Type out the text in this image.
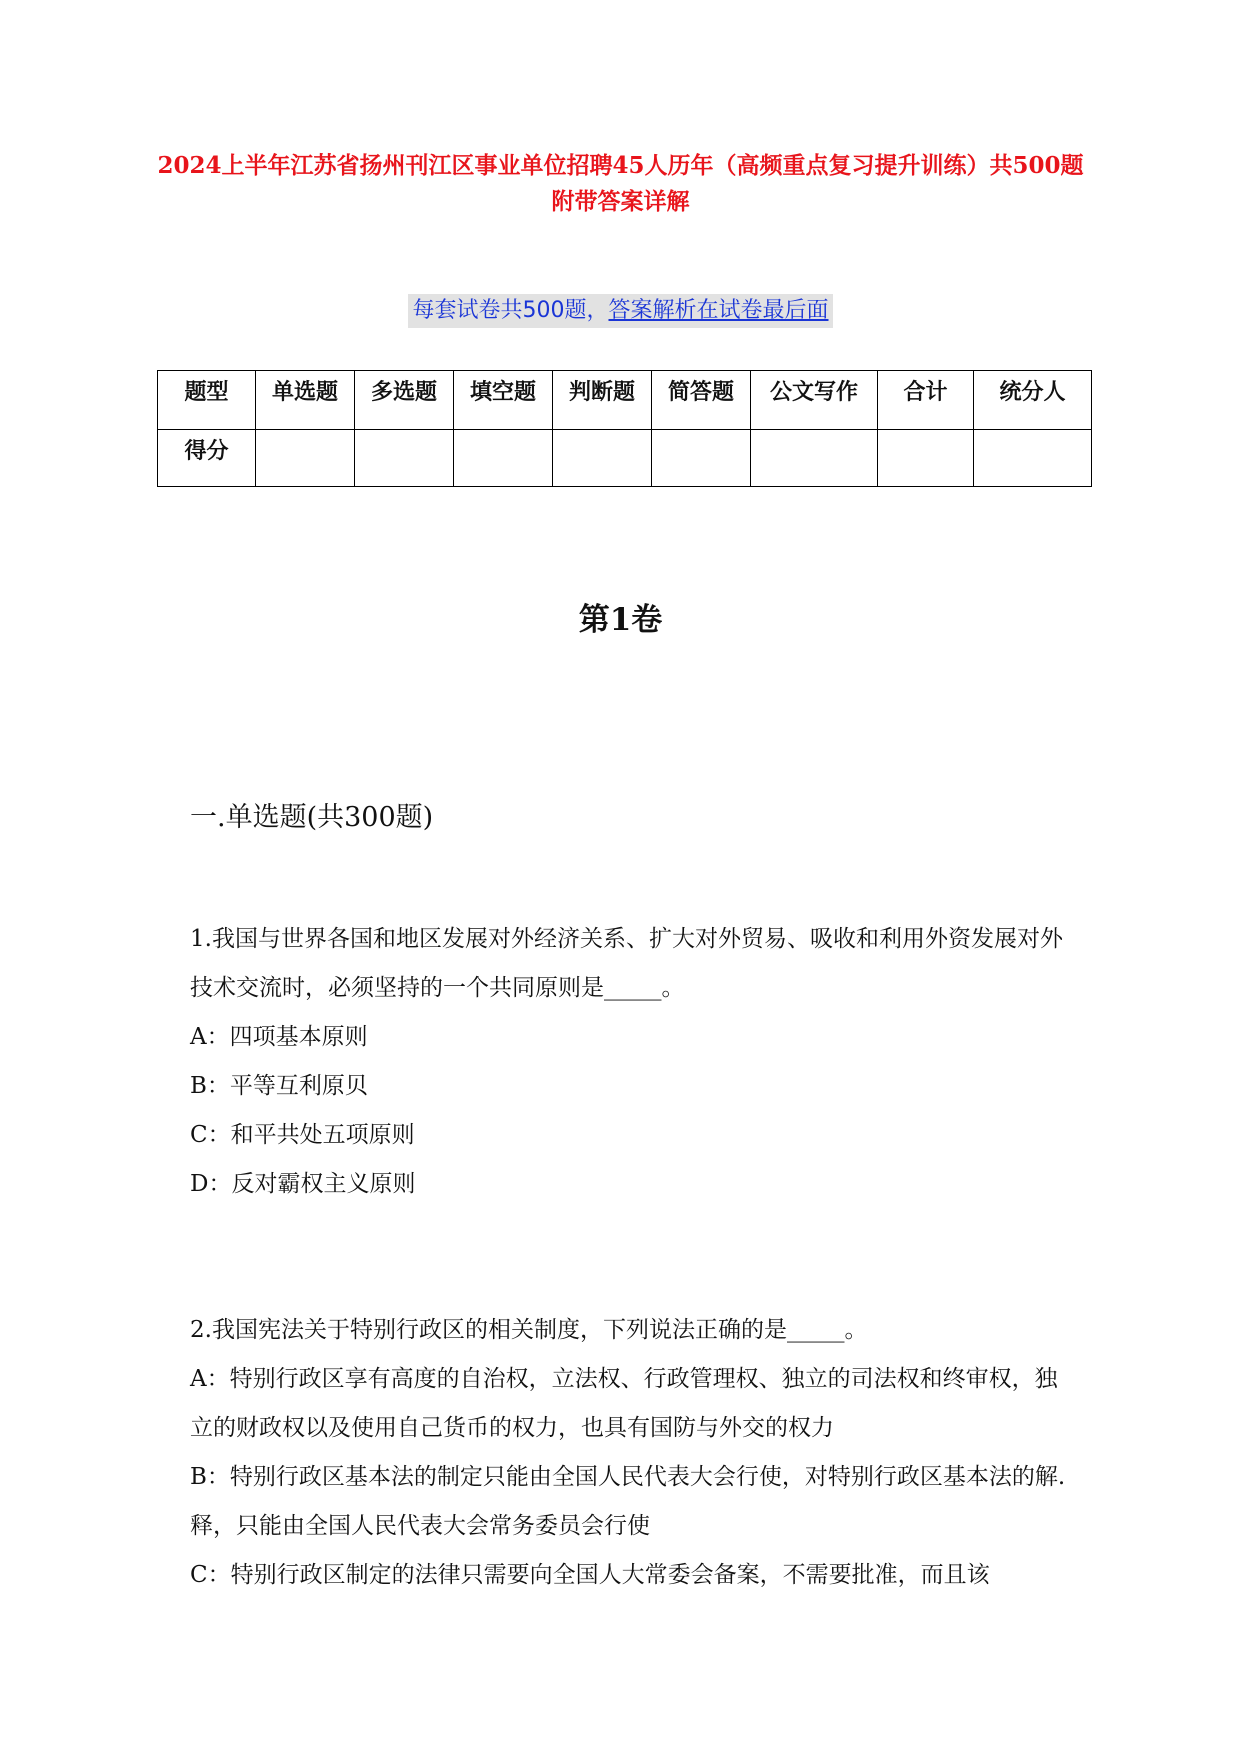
2024上半年江苏省扬州刊江区事业单位招聘45人历年（高频重点复习提升训练）共500题附带答案详解
每套试卷共500题，答案解析在试卷最后面
题型	单选题	多选题	填空题	判断题	简答题	公文写作	合计	统分人
得分								
第1卷
一.单选题(共300题)
1.我国与世界各国和地区发展对外经济关系、扩大对外贸易、吸收和利用外资发展对外技术交流时，必须坚持的一个共同原则是_____。
A：四项基本原则
B：平等互利原贝
C：和平共处五项原则
D：反对霸权主义原则
2.我国宪法关于特别行政区的相关制度，下列说法正确的是_____。
A：特别行政区享有高度的自治权，立法权、行政管理权、独立的司法权和终审权，独立的财政权以及使用自己货币的权力，也具有国防与外交的权力
B：特别行政区基本法的制定只能由全国人民代表大会行使，对特别行政区基本法的解.释，只能由全国人民代表大会常务委员会行使
C：特别行政区制定的法律只需要向全国人大常委会备案，不需要批准，而且该
